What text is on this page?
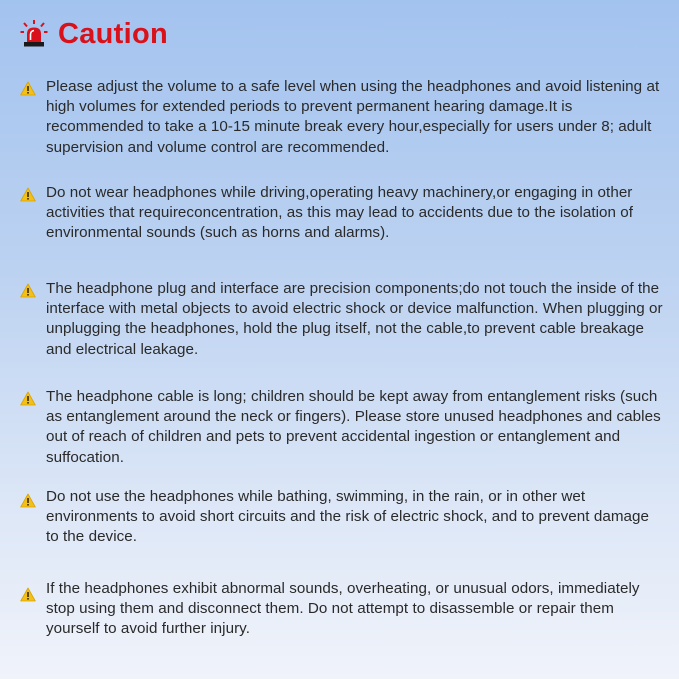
Caution
Please adjust the volume to a safe level when using the headphones and avoid listening at high volumes for extended periods to prevent permanent hearing damage.It is recommended to take a 10-15 minute break every hour,especially for users under 8; adult supervision and volume control are recommended.
Do not wear headphones while driving,operating heavy machinery,or engaging in other activities that requireconcentration, as this may lead to accidents due to the isolation of environmental sounds (such as horns and alarms).
The headphone plug and interface are precision components;do not touch the inside of the interface with metal objects to avoid electric shock or device malfunction. When plugging or unplugging the headphones, hold the plug itself, not the cable,to prevent cable breakage and electrical leakage.
The headphone cable is long; children should be kept away from entanglement risks (such as entanglement around the neck or fingers). Please store unused headphones and cables out of reach of children and pets to prevent accidental ingestion or entanglement and suffocation.
Do not use the headphones while bathing, swimming, in the rain, or in other wet environments to avoid short circuits and the risk of electric shock, and to prevent damage to the device.
If the headphones exhibit abnormal sounds, overheating, or unusual odors, immediately stop using them and disconnect them. Do not attempt to disassemble or repair them yourself to avoid further injury.
